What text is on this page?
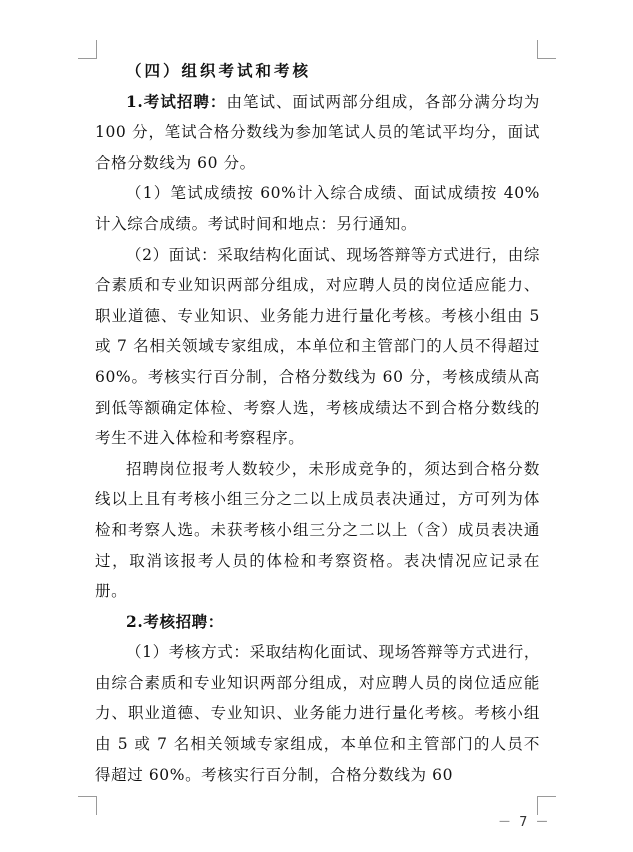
（四）组织考试和考核

1.考试招聘：由笔试、面试两部分组成，各部分满分均为 100 分，笔试合格分数线为参加笔试人员的笔试平均分，面试合格分数线为 60 分。

（1）笔试成绩按 60%计入综合成绩、面试成绩按 40%计入综合成绩。考试时间和地点：另行通知。

（2）面试：采取结构化面试、现场答辩等方式进行，由综合素质和专业知识两部分组成，对应聘人员的岗位适应能力、职业道德、专业知识、业务能力进行量化考核。考核小组由 5 或 7 名相关领域专家组成，本单位和主管部门的人员不得超过 60%。考核实行百分制，合格分数线为 60 分，考核成绩从高到低等额确定体检、考察人选，考核成绩达不到合格分数线的考生不进入体检和考察程序。

招聘岗位报考人数较少，未形成竞争的，须达到合格分数线以上且有考核小组三分之二以上成员表决通过，方可列为体检和考察人选。未获考核小组三分之二以上（含）成员表决通过，取消该报考人员的体检和考察资格。表决情况应记录在册。

2.考核招聘：

（1）考核方式：采取结构化面试、现场答辩等方式进行，由综合素质和专业知识两部分组成，对应聘人员的岗位适应能力、职业道德、专业知识、业务能力进行量化考核。考核小组由 5 或 7 名相关领域专家组成，本单位和主管部门的人员不得超过 60%。考核实行百分制，合格分数线为 60

－ 7 －
